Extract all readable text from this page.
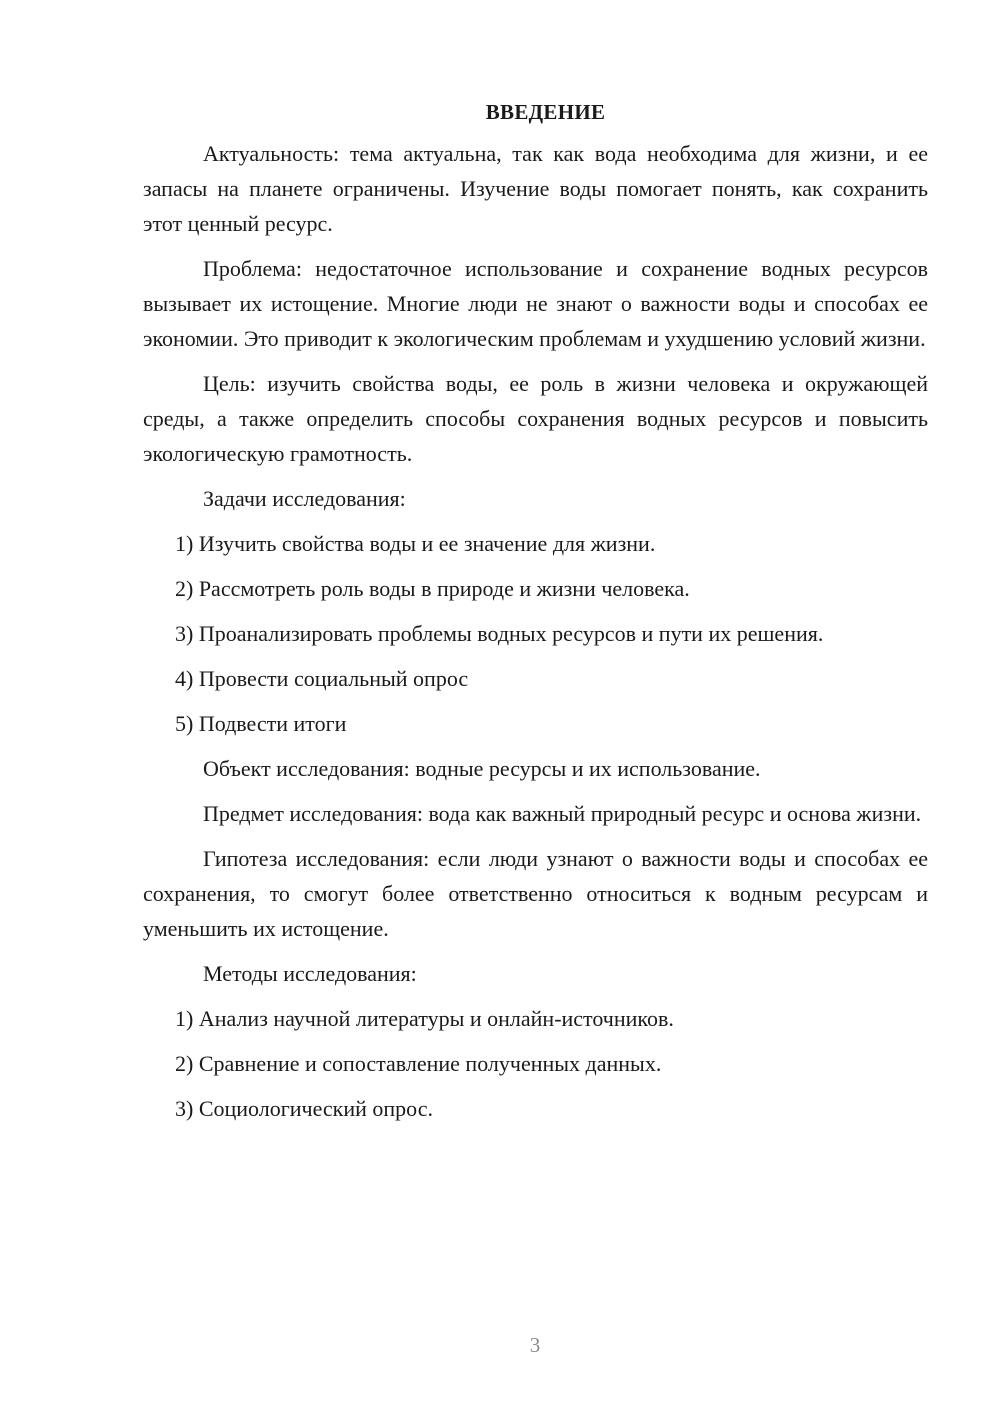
ВВЕДЕНИЕ

Актуальность: тема актуальна, так как вода необходима для жизни, и ее запасы на планете ограничены. Изучение воды помогает понять, как сохранить этот ценный ресурс.

Проблема: недостаточное использование и сохранение водных ресурсов вызывает их истощение. Многие люди не знают о важности воды и способах ее экономии. Это приводит к экологическим проблемам и ухудшению условий жизни.

Цель: изучить свойства воды, ее роль в жизни человека и окружающей среды, а также определить способы сохранения водных ресурсов и повысить экологическую грамотность.

Задачи исследования:

1) Изучить свойства воды и ее значение для жизни.
2) Рассмотреть роль воды в природе и жизни человека.
3) Проанализировать проблемы водных ресурсов и пути их решения.
4) Провести социальный опрос
5) Подвести итоги

Объект исследования: водные ресурсы и их использование.

Предмет исследования: вода как важный природный ресурс и основа жизни.

Гипотеза исследования: если люди узнают о важности воды и способах ее сохранения, то смогут более ответственно относиться к водным ресурсам и уменьшить их истощение.

Методы исследования:

1) Анализ научной литературы и онлайн-источников.
2) Сравнение и сопоставление полученных данных.
3) Социологический опрос.
3
